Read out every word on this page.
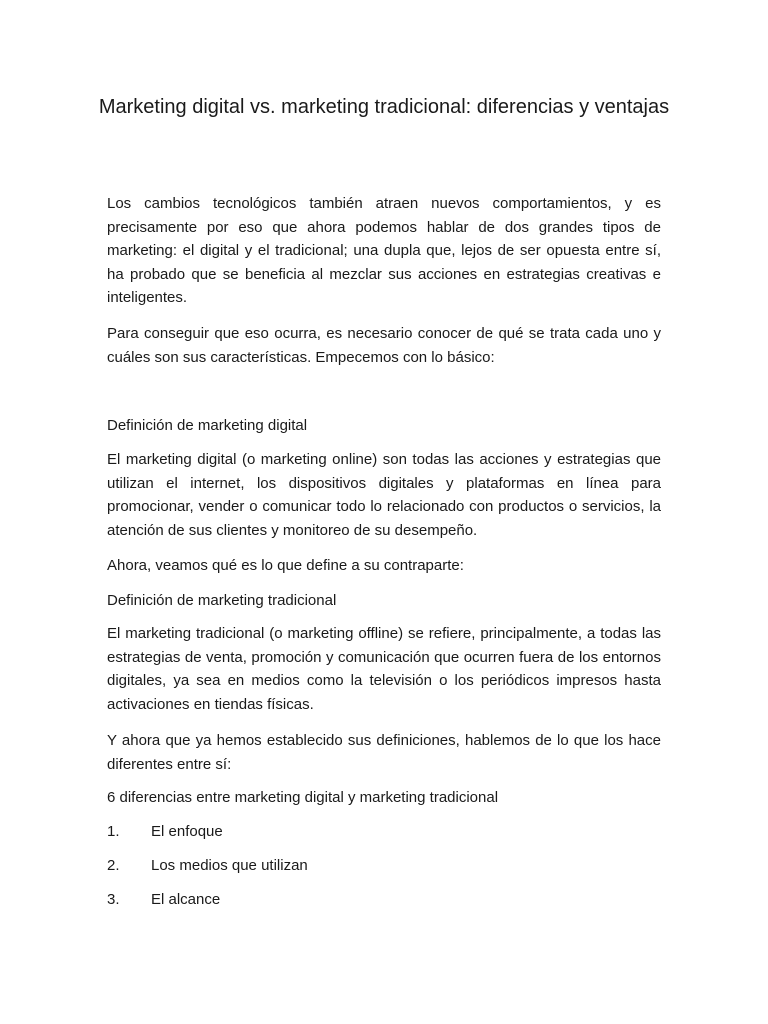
Marketing digital vs. marketing tradicional: diferencias y ventajas

Los cambios tecnológicos también atraen nuevos comportamientos, y es precisamente por eso que ahora podemos hablar de dos grandes tipos de marketing: el digital y el tradicional; una dupla que, lejos de ser opuesta entre sí, ha probado que se beneficia al mezclar sus acciones en estrategias creativas e inteligentes.

Para conseguir que eso ocurra, es necesario conocer de qué se trata cada uno y cuáles son sus características. Empecemos con lo básico:

Definición de marketing digital

El marketing digital (o marketing online) son todas las acciones y estrategias que utilizan el internet, los dispositivos digitales y plataformas en línea para promocionar, vender o comunicar todo lo relacionado con productos o servicios, la atención de sus clientes y monitoreo de su desempeño.

Ahora, veamos qué es lo que define a su contraparte:

Definición de marketing tradicional

El marketing tradicional (o marketing offline) se refiere, principalmente, a todas las estrategias de venta, promoción y comunicación que ocurren fuera de los entornos digitales, ya sea en medios como la televisión o los periódicos impresos hasta activaciones en tiendas físicas.

Y ahora que ya hemos establecido sus definiciones, hablemos de lo que los hace diferentes entre sí:

6 diferencias entre marketing digital y marketing tradicional

1. El enfoque

2. Los medios que utilizan

3. El alcance
